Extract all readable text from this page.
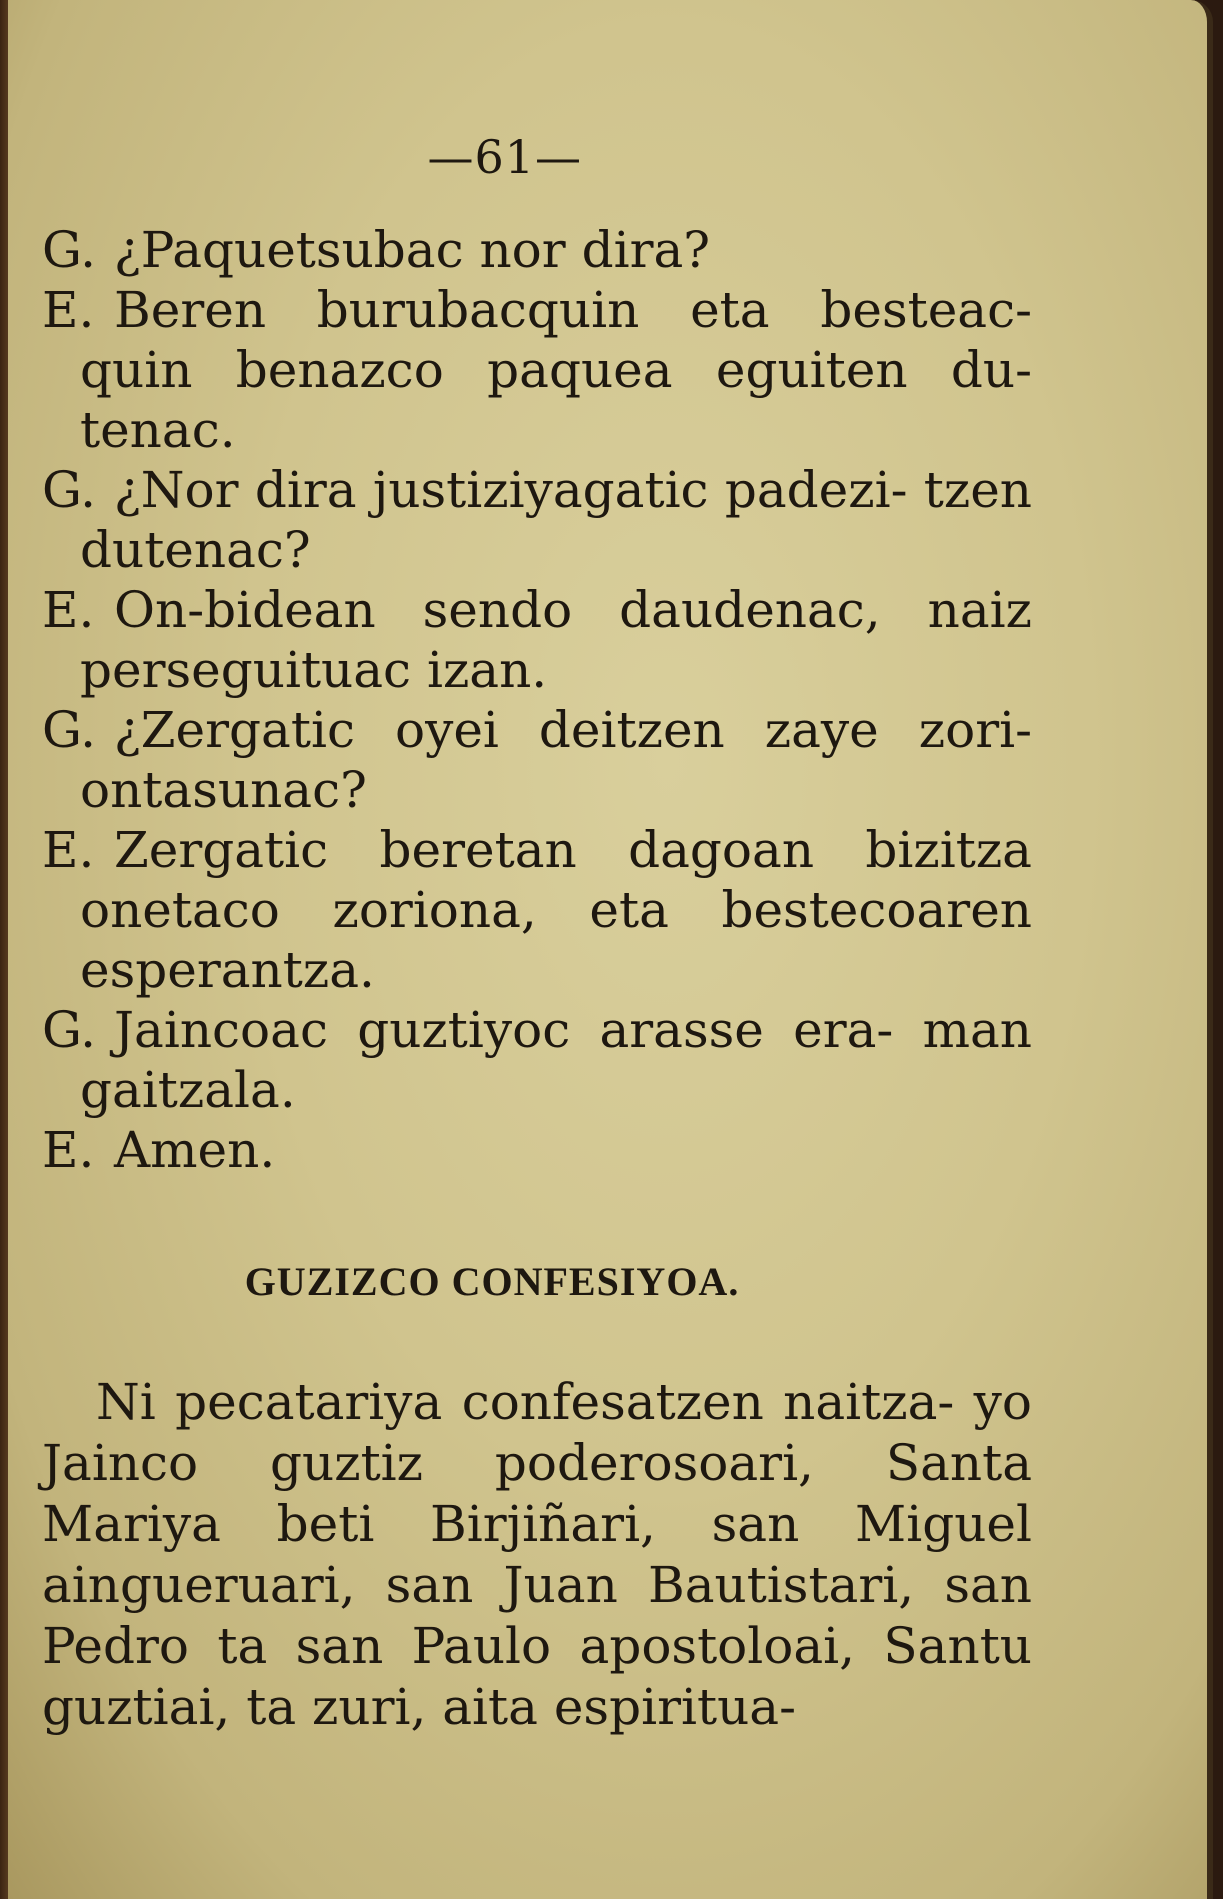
—61—

G. ¿Paquetsubac nor dira?

E. Beren burubacquin eta besteac- quin benazco paquea eguiten du- tenac.

G. ¿Nor dira justiziyagatic padezi- tzen dutenac?

E. On-bidean sendo daudenac, naiz perseguituac izan.

G. ¿Zergatic oyei deitzen zaye zori- ontasunac?

E. Zergatic beretan dagoan bizitza onetaco zoriona, eta bestecoaren esperantza.

G. Jaincoac guztiyoc arasse era- man gaitzala.

E. Amen.

GUZIZCO CONFESIYOA.

Ni pecatariya confesatzen naitza- yo Jainco guztiz poderosoari, Santa Mariya beti Birjiñari, san Miguel ainguеruari, san Juan Bautistari, san Pedro ta san Paulo apostoloai, Santu guztiai, ta zuri, aita espiritua-
